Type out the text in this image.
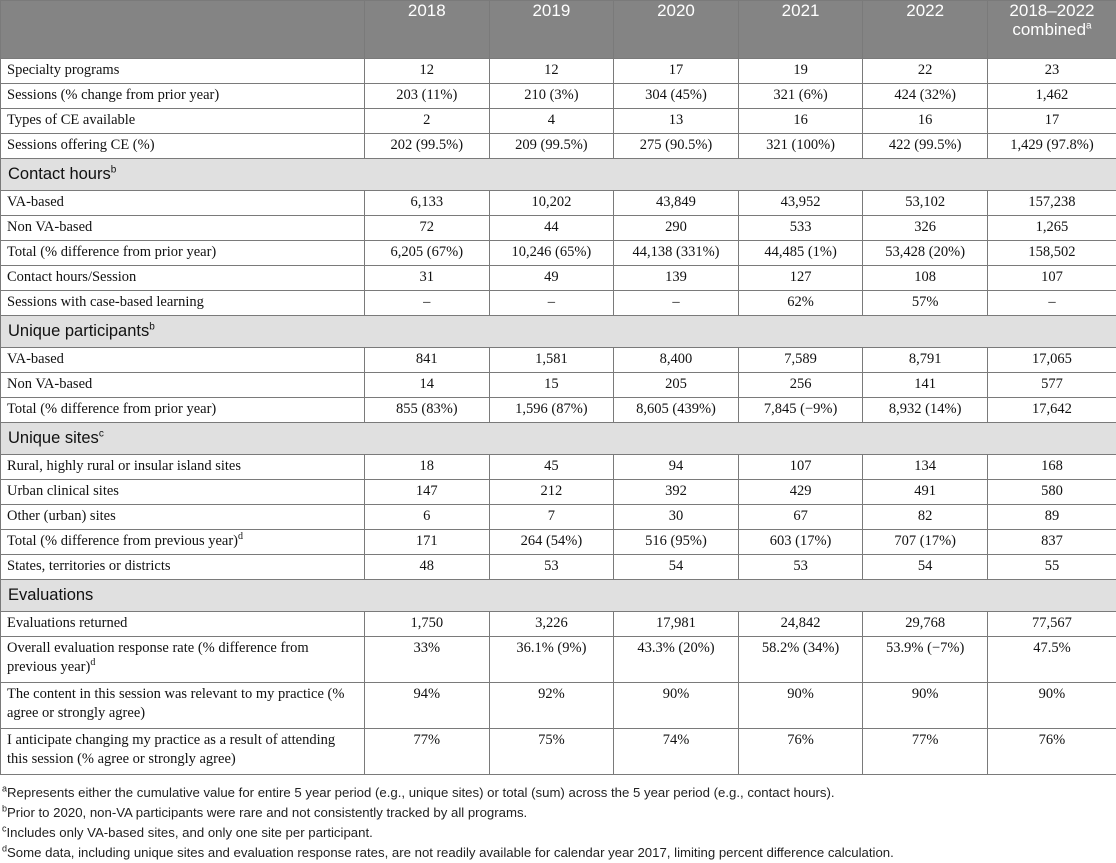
	2018	2019	2020	2021	2022	2018–2022 combined$^a$
Specialty programs	12	12	17	19	22	23
Sessions (% change from prior year)	203 (11%)	210 (3%)	304 (45%)	321 (6%)	424 (32%)	1,462
Types of CE available	2	4	13	16	16	17
Sessions offering CE (%)	202 (99.5%)	209 (99.5%)	275 (90.5%)	321 (100%)	422 (99.5%)	1,429 (97.8%)
Contact hours$^b$
VA-based	6,133	10,202	43,849	43,952	53,102	157,238
Non VA-based	72	44	290	533	326	1,265
Total (% difference from prior year)	6,205 (67%)	10,246 (65%)	44,138 (331%)	44,485 (1%)	53,428 (20%)	158,502
Contact hours/Session	31	49	139	127	108	107
Sessions with case-based learning	–	–	–	62%	57%	–
Unique participants$^b$
VA-based	841	1,581	8,400	7,589	8,791	17,065
Non VA-based	14	15	205	256	141	577
Total (% difference from prior year)	855 (83%)	1,596 (87%)	8,605 (439%)	7,845 (−9%)	8,932 (14%)	17,642
Unique sites$^c$
Rural, highly rural or insular island sites	18	45	94	107	134	168
Urban clinical sites	147	212	392	429	491	580
Other (urban) sites	6	7	30	67	82	89
Total (% difference from previous year)$^d$	171	264 (54%)	516 (95%)	603 (17%)	707 (17%)	837
States, territories or districts	48	53	54	53	54	55
Evaluations						
Evaluations returned	1,750	3,226	17,981	24,842	29,768	77,567
Overall evaluation response rate (% difference from previous year)$^d$	33%	36.1% (9%)	43.3% (20%)	58.2% (34%)	53.9% (−7%)	47.5%
The content in this session was relevant to my practice (% agree or strongly agree)	94%	92%	90%	90%	90%	90%
I anticipate changing my practice as a result of attending this session (% agree or strongly agree)	77%	75%	74%	76%	77%	76%
$^a$Represents either the cumulative value for entire 5 year period (e.g., unique sites) or total (sum) across the 5 year period (e.g., contact hours).
$^b$Prior to 2020, non-VA participants were rare and not consistently tracked by all programs.
$^c$Includes only VA-based sites, and only one site per participant.
$^d$Some data, including unique sites and evaluation response rates, are not readily available for calendar year 2017, limiting percent difference calculation.
